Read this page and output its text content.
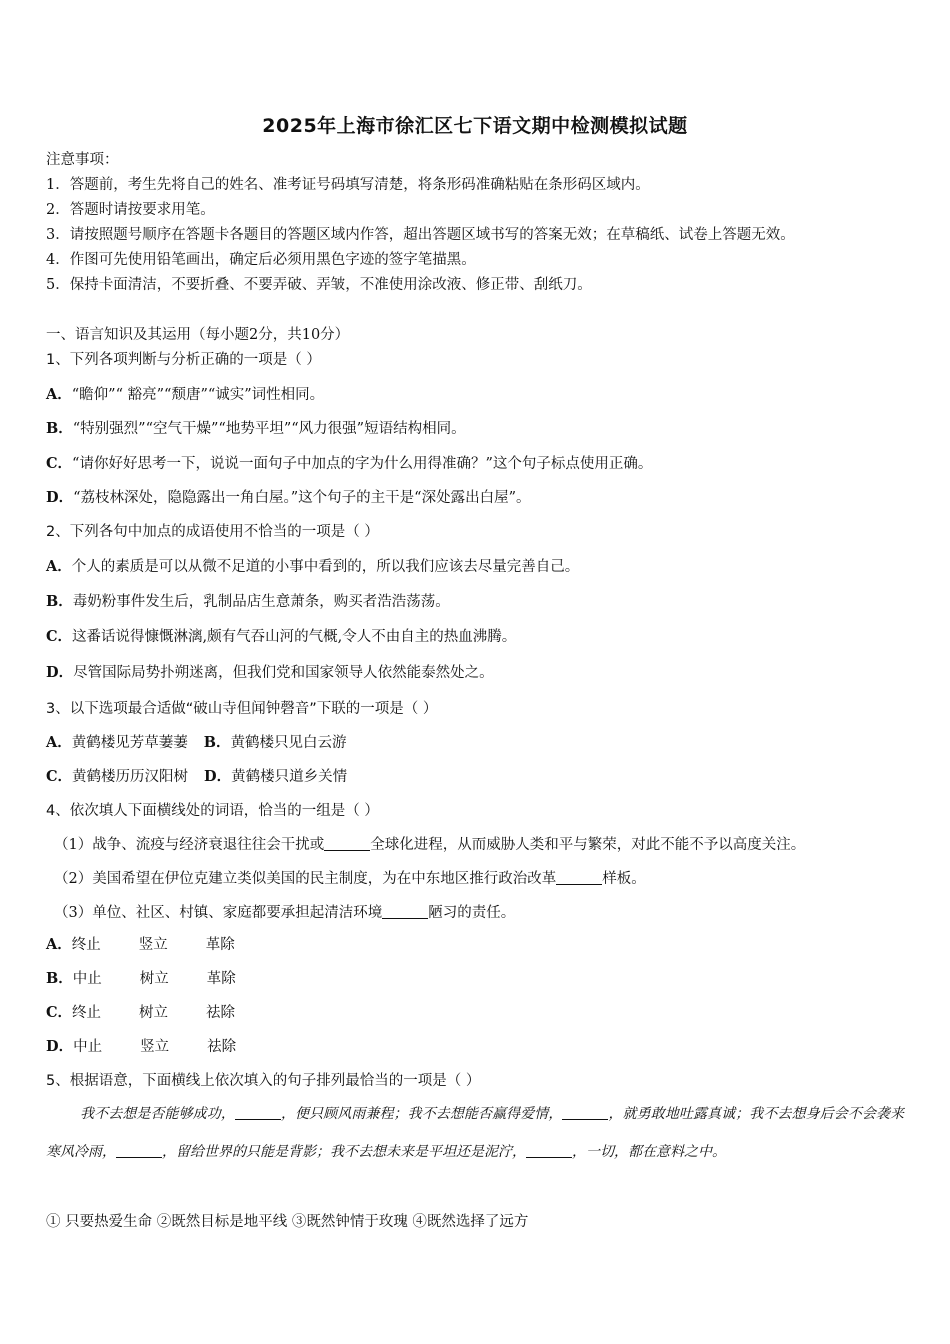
2025年上海市徐汇区七下语文期中检测模拟试题
注意事项：
1．答题前，考生先将自己的姓名、准考证号码填写清楚，将条形码准确粘贴在条形码区域内。
2．答题时请按要求用笔。
3．请按照题号顺序在答题卡各题目的答题区域内作答，超出答题区域书写的答案无效；在草稿纸、试卷上答题无效。
4．作图可先使用铅笔画出，确定后必须用黑色字迹的签字笔描黑。
5．保持卡面清洁，不要折叠、不要弄破、弄皱，不准使用涂改液、修正带、刮纸刀。
一、语言知识及其运用（每小题2分，共10分）
1、下列各项判断与分析正确的一项是（ ）
A．“瞻仰”“ 豁亮”“颓唐”“诚实”词性相同。
B．“特别强烈”“空气干燥”“地势平坦”“风力很强”短语结构相同。
C．“请你好好思考一下，说说一面句子中加点的字为什么用得准确？”这个句子标点使用正确。
D．“荔枝林深处，隐隐露出一角白屋。”这个句子的主干是“深处露出白屋”。
2、下列各句中加点的成语使用不恰当的一项是（ ）
A．个人的素质是可以从微不足道的小事中看到的，所以我们应该去尽量完善自己。
B．毒奶粉事件发生后，乳制品店生意萧条，购买者浩浩荡荡。
C．这番话说得慷慨淋漓,颇有气吞山河的气概,令人不由自主的热血沸腾。
D．尽管国际局势扑朔迷离，但我们党和国家领导人依然能泰然处之。
3、以下选项最合适做“破山寺但闻钟磬音”下联的一项是（ ）
A．黄鹤楼见芳草萋萋 B．黄鹤楼只见白云游
C．黄鹤楼历历汉阳树 D．黄鹤楼只道乡关情
4、依次填人下面横线处的词语，恰当的一组是（ ）
（1）战争、流疫与经济衰退往往会干扰或	全球化进程，从而威胁人类和平与繁荣，对此不能不予以高度关注。
（2）美国希望在伊位克建立类似美国的民主制度，为在中东地区推行政治改革	样板。
（3）单位、社区、村镇、家庭都要承担起清洁环境	陋习的责任。
A．终止	竖立	革除
B．中止	树立	革除
C．终止	树立	祛除
D．中止	竖立	祛除
5、根据语意，下面横线上依次填入的句子排列最恰当的一项是（ ）
我不去想是否能够成功，	，便只顾风雨兼程；我不去想能否赢得爱情，	，就勇敢地吐露真诚；我不去想身后会不会袭来寒风冷雨，	，留给世界的只能是背影；我不去想未来是平坦还是泥泞，	，一切，都在意料之中。
① 只要热爱生命 ②既然目标是地平线 ③既然钟情于玫瑰 ④既然选择了远方
